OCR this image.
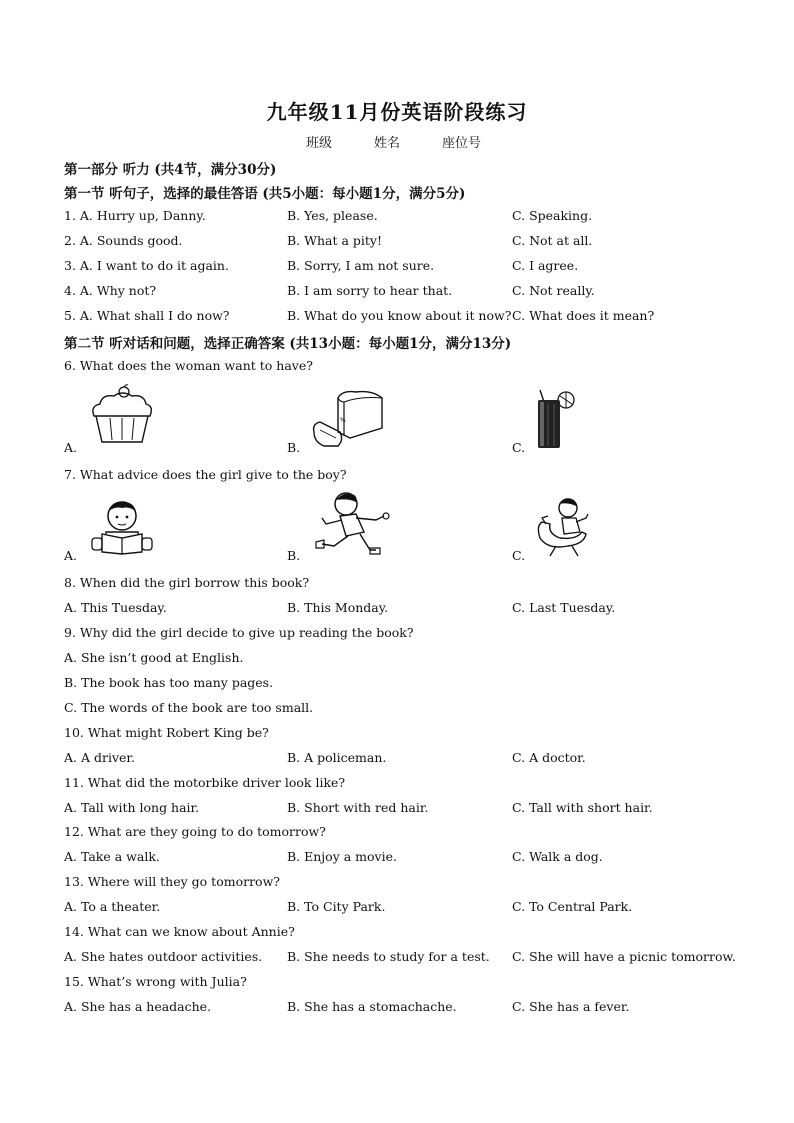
九年级11月份英语阶段练习
班级	姓名	座位号
第一部分 听力 (共4节，满分30分)
第一节 听句子，选择的最佳答语 (共5小题：每小题1分，满分5分)
1. A. Hurry up, Danny.	B. Yes, please.	C. Speaking.
2. A. Sounds good.	B. What a pity!	C. Not at all.
3. A. I want to do it again.	B. Sorry, I am not sure.	C. I agree.
4. A. Why not?	B. I am sorry to hear that.	C. Not really.
5. A. What shall I do now?	B. What do you know about it now? C. What does it mean?
第二节 听对话和问题，选择正确答案 (共13小题：每小题1分，满分13分)
6. What does the woman want to have?
A.	B.
%
C.
7. What advice does the girl give to the boy?
A.	B.	C.
8. When did the girl borrow this book?
A. This Tuesday.	B. This Monday.	C. Last Tuesday.
9. Why did the girl decide to give up reading the book?
A. She isn’t good at English.
B. The book has too many pages.
C. The words of the book are too small.
10. What might Robert King be?
A. A driver.	B. A policeman.	C. A doctor.
11. What did the motorbike driver look like?
A. Tall with long hair.	B. Short with red hair.	C. Tall with short hair.
12. What are they going to do tomorrow?
A. Take a walk.	B. Enjoy a movie.	C. Walk a dog.
13. Where will they go tomorrow?
A. To a theater.	B. To City Park.	C. To Central Park.
14. What can we know about Annie?
A. She hates outdoor activities. B. She needs to study for a test. C. She will have a picnic tomorrow.
15. What’s wrong with Julia?
A. She has a headache.	B. She has a stomachache.	C. She has a fever.
